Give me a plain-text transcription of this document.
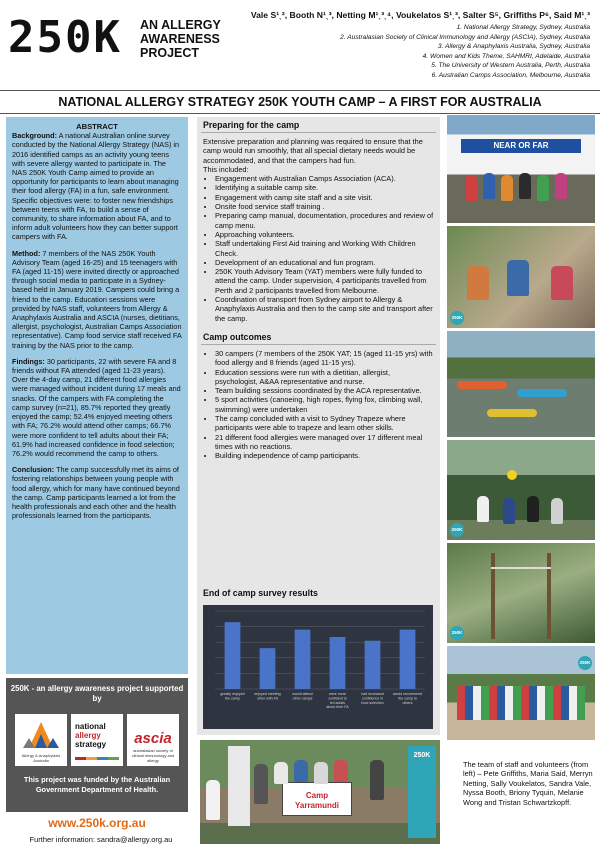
250K AN ALLERGY
AWARENESS
PROJECT
Vale S¹ˎ², Booth N¹ˎ³, Netting M¹ˎ³ˎ⁴, Voukelatos S¹ˎ³, Salter S⁵, Griffiths P⁶, Said M¹ˎ³
1. National Allergy Strategy, Sydney, Australia
2. Australasian Society of Clinical Immunology and Allergy (ASCIA), Sydney, Australia
3. Allergy & Anaphylaxis Australia, Sydney, Australia
4. Women and Kids Theme, SAHMRI, Adelaide, Australia
5. The University of Western Australia, Perth, Australia
6. Australian Camps Association, Melbourne, Australia
NATIONAL ALLERGY STRATEGY 250K YOUTH CAMP – A FIRST FOR AUSTRALIA
ABSTRACT

Background: A national Australian online survey conducted by the National Allergy Strategy (NAS) in 2016 identified camps as an activity young teens with severe allergy wanted to participate in. The NAS 250K Youth Camp aimed to provide an opportunity for participants to learn about managing their food allergy (FA) in a fun, safe environment. Specific objectives were: to foster new friendships between teens with FA, to build a sense of community, to share information about FA, and to inform adult volunteers how they can better support campers with FA.

Method: 7 members of the NAS 250K Youth Advisory Team (aged 16-25) and 15 teenagers with FA (aged 11-15) were invited directly or approached through social media to participate in a Sydney-based held in January 2019. Campers could bring a friend to the camp. Education sessions were provided by NAS staff, volunteers from Allergy & Anaphylaxis Australia and ASCIA (nurses, dietitians, allergist, psychologist, Australian Camps Association representative). Camp food service staff received FA training by the NAS prior to the camp.

Findings: 30 participants, 22 with severe FA and 8 friends without FA attended (aged 11-23 years). Over the 4-day camp, 21 different food allergies were managed without incident during 17 meals and snacks. Of the campers with FA completing the camp survey (n=21), 85.7% reported they greatly enjoyed the camp; 52.4% enjoyed meeting others with FA; 76.2% would attend other camps; 66.7% were more confident to tell adults about their FA; 61.9% had increased confidence in food selection; 76.2% would recommend the camp to others.

Conclusion: The camp successfully met its aims of fostering relationships between young people with food allergy, which for many have continued beyond the camp. Camp participants learned a lot from the health professionals and each other and the health professionals learned from the participants.

250K - an allergy awareness project supported by
Allergy & Anaphylaxis Australia
national
allergy
strategy	ascia
australasian society of clinical immunology and allergy
This project was funded by the Australian Government Department of Health.
www.250k.org.au
Further information: sandra@allergy.org.au
Preparing for the camp

Extensive preparation and planning was required to ensure that the camp would run smoothly, that all special dietary needs would be accommodated, and that the campers had fun.

This included:

• Engagement with Australian Camps Association (ACA).
• Identifying a suitable camp site.
• Engagement with camp site staff and a site visit.
• Onsite food service staff training .
• Preparing camp manual, documentation, procedures and review of camp menu.
• Approaching volunteers.
• Staff undertaking First Aid training and Working With Children Check.
• Development of an educational and fun program.
• 250K Youth Advisory Team (YAT) members were fully funded to attend the camp. Under supervision, 4 participants travelled from Perth and 2 participants travelled from Melbourne.
• Coordination of transport from Sydney airport to Allergy & Anaphylaxis Australia and then to the camp site and transport after the camp.
Camp outcomes
• 30 campers (7 members of the 250K YAT; 15 (aged 11-15 yrs) with food allergy and 8 friends (aged 11-15 yrs).
• Education sessions were run with a dietitian, allergist, psychologist, A&AA representative and nurse.
• Team building sessions coordinated by the ACA representative.
• 5 sport activities (canoeing, high ropes, flying fox, climbing wall, swimming) were undertaken
• The camp concluded with a visit to Sydney Trapeze where participants were able to trapeze and learn other skills.
• 21 different food allergies were managed over 17 different meal times with no reactions.
• Building independence of camp participants.
End of camp survey results
greatly enjoyed the camp
enjoyed meeting other with FA
would attend other camps
were more confident to tell adults about their FA
had increased confidence in food selection
would recommend the camp to others
NEAR OR FAR
250K
250K
250K
250K
Camp Yarramundi
250K
The team of staff and volunteers (from left) – Pete Griffiths, Maria Said, Merryn Netting, Sally Voukelatos, Sandra Vale, Nyssa Booth, Briony Tyquin, Melanie Wong and Tristan Schwartzkopff.
